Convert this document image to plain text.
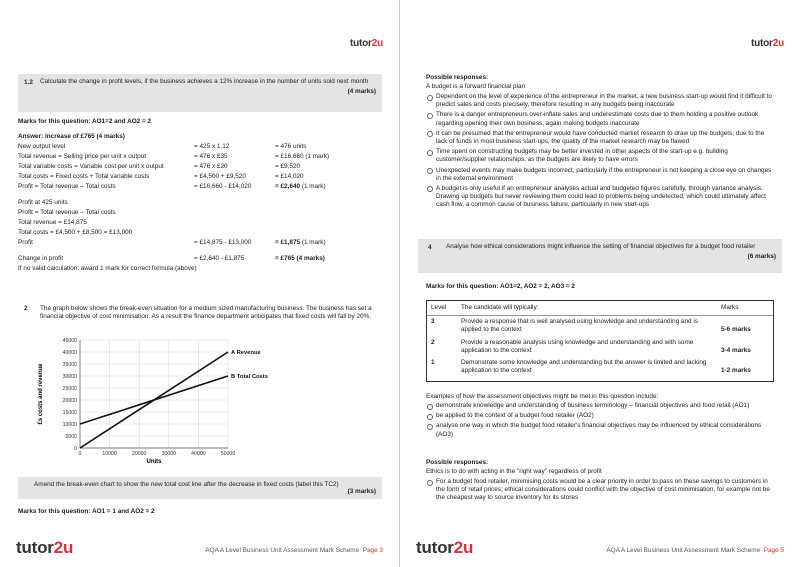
tutor2u
1.2 Calculate the change in profit levels, if the business achieves a 12% increase in the number of units sold next month
(4 marks)
Marks for this question: AO1=2 and AO2 = 2
Answer: increase of £765 (4 marks)
New output level	= 425 x 1.12	= 476 units
Total revenue = Selling price per unit x output	= 476 x £35	= £16,660 (1 mark)
Total variable costs = Variable cost per unit x output	= 476 x £20	= £9,520
Total costs = Fixed costs + Total variable costs	= £4,500 + £9,520	= £14,020
Profit = Total revenue – Total costs	= £16,660 - £14,020	= £2,640 (1 mark)
Profit at 425 units
Profit = Total revenue – Total costs
Total revenue = £14,875
Total costs = £4,500 + £8,500 = £13,000
Profit	= £14,875 - £13,000	= £1,875 (1 mark)
Change in profit	= £2,640 - £1,875	= £765 (4 marks)
If no valid calculation: award 1 mark for correct formula (above)
2 The graph below shows the break-even situation for a medium sized manufacturing business. The business has set a financial objective of cost minimisation. As a result the finance department anticipates that fixed costs will fall by 20%.
0
5000
10000
15000
20000
25000
30000
35000
40000
45000
0	10000	20000	30000	40000	50000
A Revenue
B Total Costs
Units
£s costs and revenue
Amend the break-even chart to show the new total cost line after the decrease in fixed costs (label this TC2)
(3 marks)
Marks for this question: AO1 = 1 and AO2 = 2
tutor2u	AQA A Level Business Unit Assessment Mark Scheme Page 3
tutor2u
Possible responses:
A budget is a forward financial plan
Dependent on the level of experience of the entrepreneur in the market, a new business start-up would find it difficult to predict sales and costs precisely, therefore resulting in any budgets being inaccurate
There is a danger entrepreneurs over-inflate sales and underestimate costs due to them holding a positive outlook regarding opening their own business, again making budgets inaccurate
It can be presumed that the entrepreneur would have conducted market research to draw up the budgets; due to the lack of funds in most business start-ups, the quality of the market research may be flawed
Time spent on constructing budgets may be better invested in other aspects of the start-up e.g. building customer/supplier relationships, as the budgets are likely to have errors
Unexpected events may make budgets incorrect, particularly if the entrepreneur is not keeping a close eye on changes in the external environment
A budget is only useful if an entrepreneur analyses actual and budgeted figures carefully, through variance analysis. Drawing up budgets but never reviewing them could lead to problems being undetected, which could ultimately affect cash flow, a common cause of business failure, particularly in new start-ups
4 Analyse how ethical considerations might influence the setting of financial objectives for a budget food retailer
(6 marks)
Marks for this question: AO1=2, AO2 = 2, AO3 = 2
Level	The candidate will typically:	Marks
3	Provide a response that is well analysed using knowledge and understanding and is applied to the context	5-6 marks
2	Provide a reasonable analysis using knowledge and understanding and with some application to the context	3-4 marks
1	Demonstrate some knowledge and understanding but the answer is limited and lacking application to the context	1-2 marks
Examples of how the assessment objectives might be met in this question include:
demonstrate knowledge and understanding of business terminology – financial objectives and food retail (AO1)
be applied to the context of a budget food retailer (AO2)
analyse one way in which the budget food retailer's financial objectives may be influenced by ethical considerations (AO3)
Possible responses:
Ethics is to do with acting in the "right way" regardless of profit
For a budget food retailer, minimising costs would be a clear priority in order to pass on these savings to customers in the form of retail prices; ethical considerations could conflict with the objective of cost minimisation, for example not be the cheapest way to source inventory for its stores
tutor2u	AQA A Level Business Unit Assessment Mark Scheme Page 5
